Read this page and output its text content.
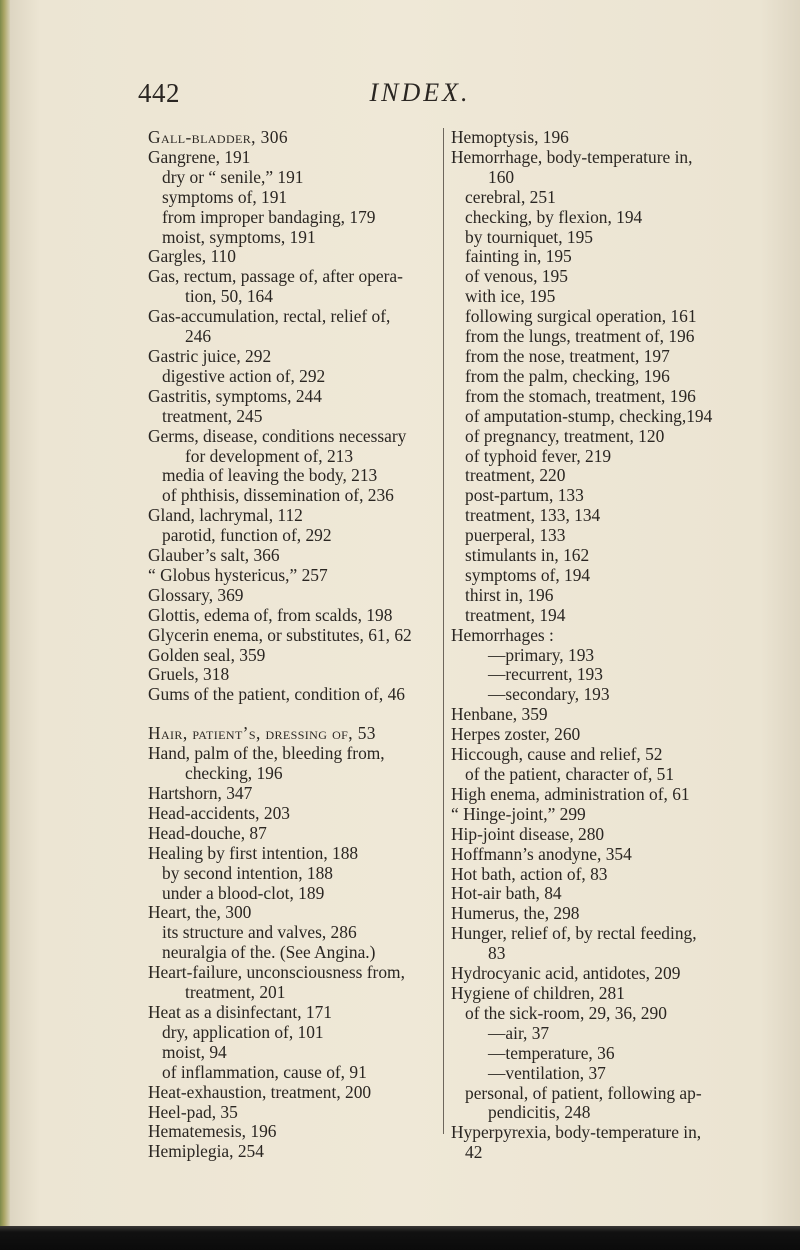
442	INDEX.
Gall-bladder, 306
Gangrene, 191
dry or “ senile,” 191
symptoms of, 191
from improper bandaging, 179
moist, symptoms, 191
Gargles, 110
Gas, rectum, passage of, after opera-
tion, 50, 164
Gas-accumulation, rectal, relief of,
246
Gastric juice, 292
digestive action of, 292
Gastritis, symptoms, 244
treatment, 245
Germs, disease, conditions necessary
for development of, 213
media of leaving the body, 213
of phthisis, dissemination of, 236
Gland, lachrymal, 112
parotid, function of, 292
Glauber’s salt, 366
“ Globus hystericus,” 257
Glossary, 369
Glottis, edema of, from scalds, 198
Glycerin enema, or substitutes, 61, 62
Golden seal, 359
Gruels, 318
Gums of the patient, condition of, 46
Hair, patient’s, dressing of, 53
Hand, palm of the, bleeding from,
checking, 196
Hartshorn, 347
Head-accidents, 203
Head-douche, 87
Healing by first intention, 188
by second intention, 188
under a blood-clot, 189
Heart, the, 300
its structure and valves, 286
neuralgia of the. (See Angina.)
Heart-failure, unconsciousness from,
treatment, 201
Heat as a disinfectant, 171
dry, application of, 101
moist, 94
of inflammation, cause of, 91
Heat-exhaustion, treatment, 200
Heel-pad, 35
Hematemesis, 196
Hemiplegia, 254
Hemoptysis, 196
Hemorrhage, body-temperature in,
160
cerebral, 251
checking, by flexion, 194
by tourniquet, 195
fainting in, 195
of venous, 195
with ice, 195
following surgical operation, 161
from the lungs, treatment of, 196
from the nose, treatment, 197
from the palm, checking, 196
from the stomach, treatment, 196
of amputation-stump, checking,194
of pregnancy, treatment, 120
of typhoid fever, 219
treatment, 220
post-partum, 133
treatment, 133, 134
puerperal, 133
stimulants in, 162
symptoms of, 194
thirst in, 196
treatment, 194
Hemorrhages :
—primary, 193
—recurrent, 193
—secondary, 193
Henbane, 359
Herpes zoster, 260
Hiccough, cause and relief, 52
of the patient, character of, 51
High enema, administration of, 61
“ Hinge-joint,” 299
Hip-joint disease, 280
Hoffmann’s anodyne, 354
Hot bath, action of, 83
Hot-air bath, 84
Humerus, the, 298
Hunger, relief of, by rectal feeding,
83
Hydrocyanic acid, antidotes, 209
Hygiene of children, 281
of the sick-room, 29, 36, 290
—air, 37
—temperature, 36
—ventilation, 37
personal, of patient, following ap-
pendicitis, 248
Hyperpyrexia, body-temperature in,
42
